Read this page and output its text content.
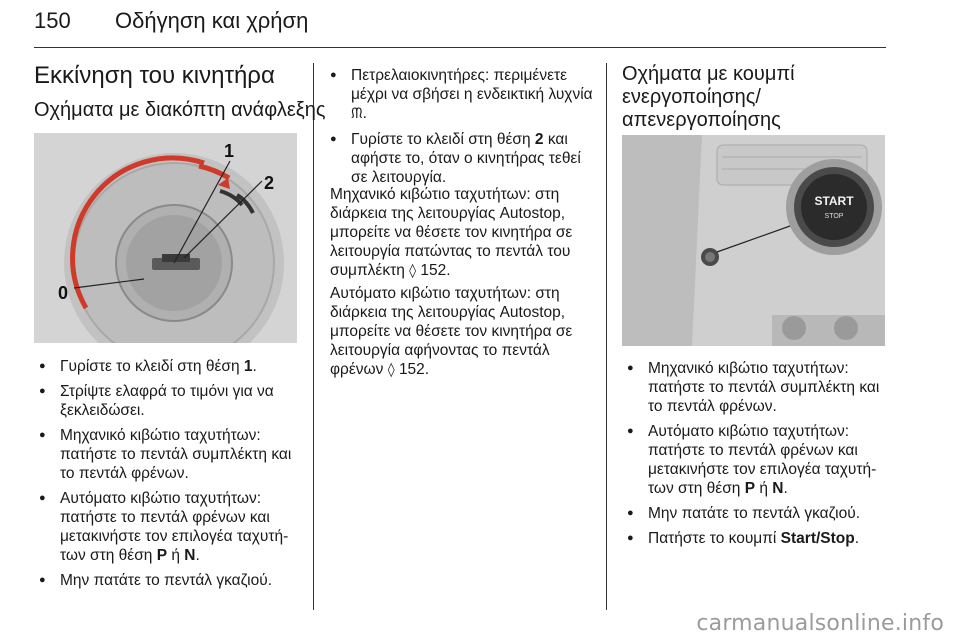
150 Οδήγηση και χρήση
Εκκίνηση του κινητήρα
Οχήματα με διακόπτη ανάφλεξης
1
2
0
● Γυρίστε το κλειδί στη θέση 1.
● Στρίψτε ελαφρά το τιμόνι για να ξεκλειδώσει.
● Μηχανικό κιβώτιο ταχυτήτων: πατήστε το πεντάλ συμπλέκτη και το πεντάλ φρένων.
● Αυτόματο κιβώτιο ταχυτήτων: πατήστε το πεντάλ φρένων και μετακινήστε τον επιλογέα ταχυτή-των στη θέση P ή N.
● Μην πατάτε το πεντάλ γκαζιού.
● Πετρελαιοκινητήρες: περιμένετε μέχρι να σβήσει η ενδεικτική λυχνία ᙏ.
● Γυρίστε το κλειδί στη θέση 2 και αφήστε το, όταν ο κινητήρας τεθεί σε λειτουργία.
Μηχανικό κιβώτιο ταχυτήτων: στη διάρκεια της λειτουργίας Autostop, μπορείτε να θέσετε τον κινητήρα σε λειτουργία πατώντας το πεντάλ του συμπλέκτη ◊ 152.
Αυτόματο κιβώτιο ταχυτήτων: στη διάρκεια της λειτουργίας Autostop, μπορείτε να θέσετε τον κινητήρα σε λειτουργία αφήνοντας το πεντάλ φρένων ◊ 152.
Οχήματα με κουμπί ενεργοποίησης/ απενεργοποίησης
START
STOP
● Μηχανικό κιβώτιο ταχυτήτων: πατήστε το πεντάλ συμπλέκτη και το πεντάλ φρένων.
● Αυτόματο κιβώτιο ταχυτήτων: πατήστε το πεντάλ φρένων και μετακινήστε τον επιλογέα ταχυτή-των στη θέση P ή N.
● Μην πατάτε το πεντάλ γκαζιού.
● Πατήστε το κουμπί Start/Stop.
carmanualsonline.info
